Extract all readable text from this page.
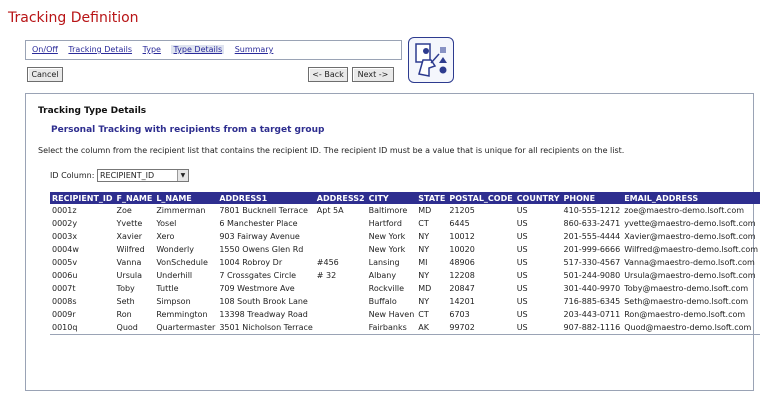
Tracking Definition
On/Off Tracking Details Type Type Details Summary
Cancel	<- Back	Next ->
Tracking Type Details
Personal Tracking with recipients from a target group
Select the column from the recipient list that contains the recipient ID. The recipient ID must be a value that is unique for all recipients on the list.
ID Column: RECIPIENT_ID	▼
RECIPIENT_ID	F_NAME	L_NAME	ADDRESS1	ADDRESS2	CITY	STATE	POSTAL_CODE	COUNTRY	PHONE	EMAIL_ADDRESS
0001z	Zoe	Zimmerman	7801 Bucknell Terrace	Apt 5A	Baltimore	MD	21205	US	410-555-1212	zoe@maestro-demo.lsoft.com
0002y	Yvette	Yosel	6 Manchester Place		Hartford	CT	6445	US	860-633-2471	yvette@maestro-demo.lsoft.com
0003x	Xavier	Xero	903 Fairway Avenue		New York	NY	10012	US	201-555-4444	Xavier@maestro-demo.lsoft.com
0004w	Wilfred	Wonderly	1550 Owens Glen Rd		New York	NY	10020	US	201-999-6666	Wilfred@maestro-demo.lsoft.com
0005v	Vanna	VonSchedule	1004 Robroy Dr	#456	Lansing	MI	48906	US	517-330-4567	Vanna@maestro-demo.lsoft.com
0006u	Ursula	Underhill	7 Crossgates Circle	# 32	Albany	NY	12208	US	501-244-9080	Ursula@maestro-demo.lsoft.com
0007t	Toby	Tuttle	709 Westmore Ave		Rockville	MD	20847	US	301-440-9970	Toby@maestro-demo.lsoft.com
0008s	Seth	Simpson	108 South Brook Lane		Buffalo	NY	14201	US	716-885-6345	Seth@maestro-demo.lsoft.com
0009r	Ron	Remmington	13398 Treadway Road		New Haven	CT	6703	US	203-443-0711	Ron@maestro-demo.lsoft.com
0010q	Quod	Quartermaster	3501 Nicholson Terrace		Fairbanks	AK	99702	US	907-882-1116	Quod@maestro-demo.lsoft.com
